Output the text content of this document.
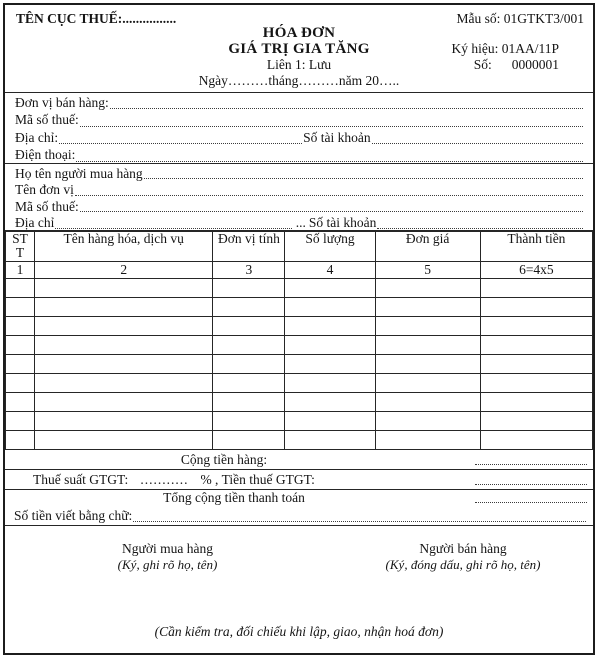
TÊN CỤC THUẾ:................
HÓA ĐƠN
GIÁ TRỊ GIA TĂNG
Liên 1: Lưu
Ngày………tháng………năm 20…..
Mẫu số: 01GTKT3/001
Ký hiệu: 01AA/11P
Số: 0000001
Đơn vị bán hàng:
Mã số thuế:
Địa chỉ:	Số tài khoản
Điện thoại:
Họ tên người mua hàng
Tên đơn vị
Mã số thuế:
Địa chỉ	... Số tài khoản
STT	Tên hàng hóa, dịch vụ	Đơn vị tính	Số lượng	Đơn giá	Thành tiền
1	2	3	4	5	6=4x5

Cộng tiền hàng:
Thuế suất GTGT: ........... % , Tiền thuế GTGT:
Tổng cộng tiền thanh toán
Số tiền viết bằng chữ:
Người mua hàng
(Ký, ghi rõ họ, tên)
Người bán hàng
(Ký, đóng dấu, ghi rõ họ, tên)
(Cần kiểm tra, đối chiếu khi lập, giao, nhận hoá đơn)
